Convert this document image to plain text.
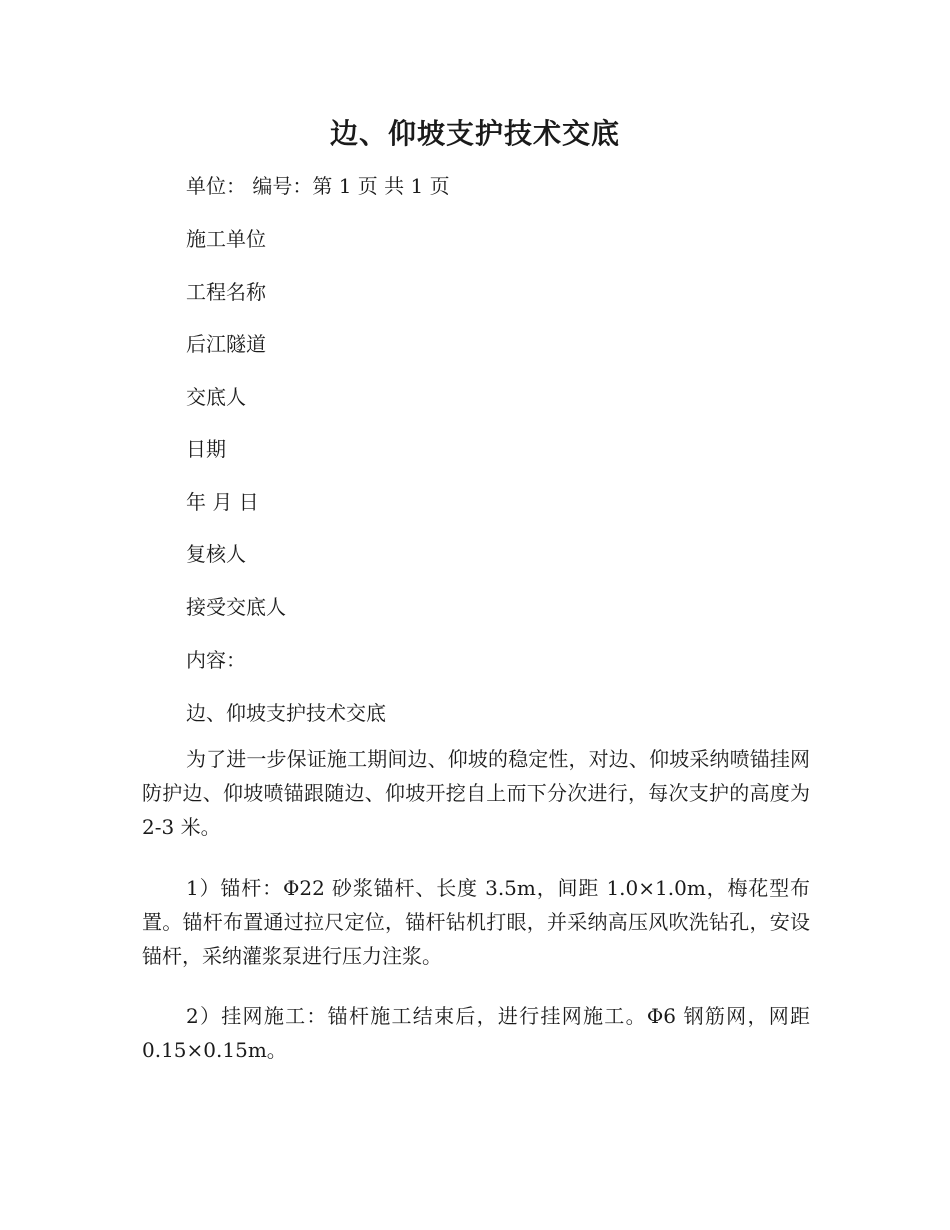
边、仰坡支护技术交底
单位： 编号：第 1 页 共 1 页
施工单位
工程名称
后江隧道
交底人
日期
年 月 日
复核人
接受交底人
内容：
边、仰坡支护技术交底
为了进一步保证施工期间边、仰坡的稳定性，对边、仰坡采纳喷锚挂网防护边、仰坡喷锚跟随边、仰坡开挖自上而下分次进行，每次支护的高度为 2-3 米。
1）锚杆：Φ22 砂浆锚杆、长度 3.5m，间距 1.0×1.0m，梅花型布置。锚杆布置通过拉尺定位，锚杆钻机打眼，并采纳高压风吹洗钻孔，安设锚杆，采纳灌浆泵进行压力注浆。
2）挂网施工：锚杆施工结束后，进行挂网施工。Φ6 钢筋网，网距 0.15×0.15m。
